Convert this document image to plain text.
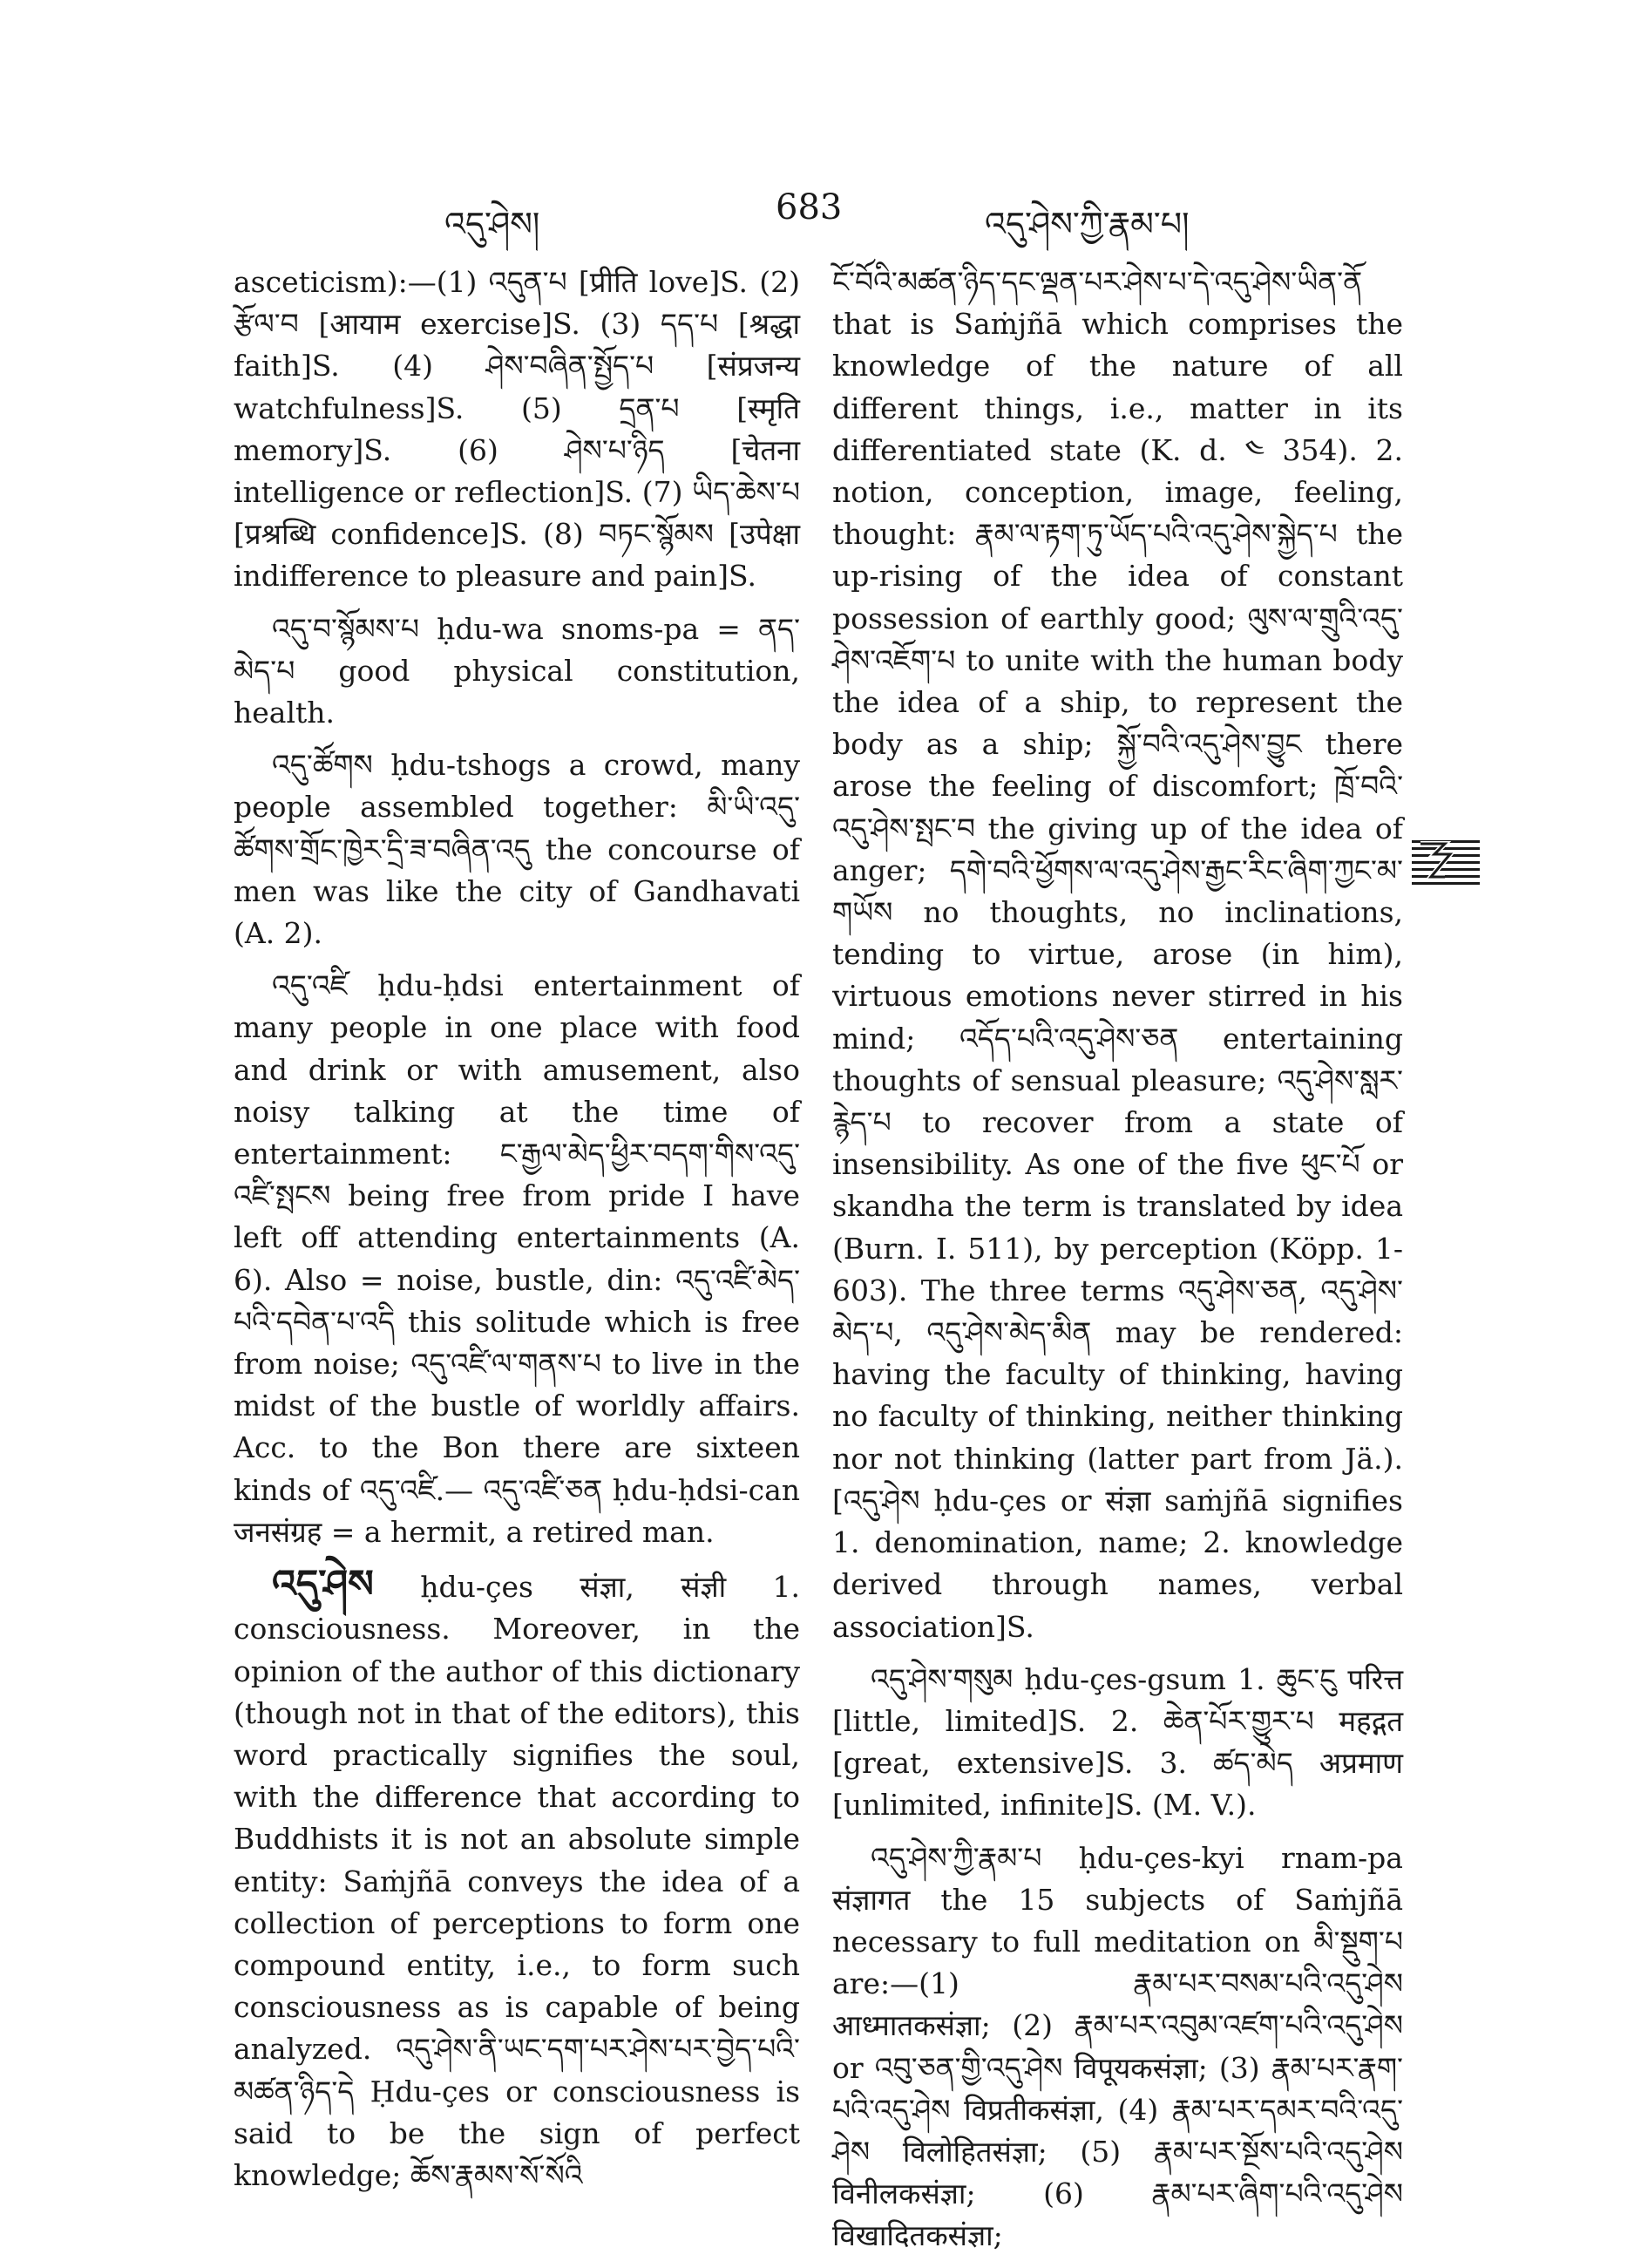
འདུ་ཤེས།	683	འདུ་ཤེས་ཀྱི་རྣམ་པ།

asceticism):—(1) འདུན་པ [प्रीति love]S. (2) རྩོལ་བ [आयाम exercise]S. (3) དད་པ [श्रद्धा faith]S. (4) ཤེས་བཞིན་སྤྱོད་པ [संप्रजन्य watchfulness]S. (5) དྲན་པ [स्मृति memory]S. (6) ཤེས་པ་ཉིད [चेतना intelligence or reflection]S. (7) ཡིད་ཆེས་པ [प्रश्रब्धि confidence]S. (8) བཏང་སྙོམས [उपेक्षा indifference to pleasure and pain]S.

འདུ་བ་སྙོམས་པ ḥdu-wa snoms-pa = ནད་མེད་པ good physical constitution, health.

འདུ་ཚོགས ḥdu-tshogs a crowd, many people assembled together: མི་ཡི་འདུ་ཚོགས་གྲོང་ཁྱེར་དྲི་ཟ་བཞིན་འདུ the concourse of men was like the city of Gandhavati (A. 2).

འདུ་འཛི ḥdu-ḥdsi entertainment of many people in one place with food and drink or with amusement, also noisy talking at the time of entertainment: ང་རྒྱལ་མེད་ཕྱིར་བདག་གིས་འདུ་འཛི་སྤངས being free from pride I have left off attending entertainments (A. 6). Also = noise, bustle, din: འདུ་འཛི་མེད་པའི་དབེན་པ་འདི this solitude which is free from noise; འདུ་འཛི་ལ་གནས་པ to live in the midst of the bustle of worldly affairs. Acc. to the Bon there are sixteen kinds of འདུ་འཛི.— འདུ་འཛི་ཅན ḥdu-ḥdsi-can जनसंग्रह = a hermit, a retired man.

འདུ་ཤེས ḥdu-çes संज्ञा, संज्ञी 1. consciousness. Moreover, in the opinion of the author of this dictionary (though not in that of the editors), this word practically signifies the soul, with the difference that according to Buddhists it is not an absolute simple entity: Saṁjñā conveys the idea of a collection of perceptions to form one compound entity, i.e., to form such consciousness as is capable of being analyzed. འདུ་ཤེས་ནི་ཡང་དག་པར་ཤེས་པར་བྱེད་པའི་མཚན་ཉིད་དེ Ḥdu-çes or consciousness is said to be the sign of perfect knowledge; ཆོས་རྣམས་སོ་སོའི

ངོ་བོའི་མཚན་ཉིད་དང་ལྡན་པར་ཤེས་པ་དེ་འདུ་ཤེས་ཡིན་ནོ that is Saṁjñā which comprises the knowledge of the nature of all different things, i.e., matter in its differentiated state (K. d. ༤ 354). 2. notion, conception, image, feeling, thought: རྣམ་ལ་རྟག་ཏུ་ཡོད་པའི་འདུ་ཤེས་སྐྱེད་པ the up-rising of the idea of constant possession of earthly good; ལུས་ལ་གྲུའི་འདུ་ཤེས་འཇོག་པ to unite with the human body the idea of a ship, to represent the body as a ship; སྐྱོ་བའི་འདུ་ཤེས་བྱུང there arose the feeling of discomfort; ཁྲོ་བའི་འདུ་ཤེས་སྤང་བ the giving up of the idea of anger; དགེ་བའི་ཕྱོགས་ལ་འདུ་ཤེས་རྒྱང་རིང་ཞིག་ཀྱང་མ་གཡོས no thoughts, no inclinations, tending to virtue, arose (in him), virtuous emotions never stirred in his mind; འདོད་པའི་འདུ་ཤེས་ཅན entertaining thoughts of sensual pleasure; འདུ་ཤེས་སླར་རྙེད་པ to recover from a state of insensibility. As one of the five ཕུང་པོ or skandha the term is translated by idea (Burn. I. 511), by perception (Köpp. 1-603). The three terms འདུ་ཤེས་ཅན, འདུ་ཤེས་མེད་པ, འདུ་ཤེས་མེད་མིན may be rendered: having the faculty of thinking, having no faculty of thinking, neither thinking nor not thinking (latter part from Jä.). [འདུ་ཤེས ḥdu-çes or संज्ञा saṁjñā signifies 1. denomination, name; 2. knowledge derived through names, verbal association]S.

འདུ་ཤེས་གསུམ ḥdu-çes-gsum 1. ཆུང་ངུ परित्त [little, limited]S. 2. ཆེན་པོར་གྱུར་པ महद्गत [great, extensive]S. 3. ཚད་མེད अप्रमाण [unlimited, infinite]S. (M. V.).

འདུ་ཤེས་ཀྱི་རྣམ་པ ḥdu-çes-kyi rnam-pa संज्ञागत the 15 subjects of Saṁjñā necessary to full meditation on མི་སྡུག་པ are:—(1) རྣམ་པར་བསམ་པའི་འདུ་ཤེས आध्मातकसंज्ञा; (2) རྣམ་པར་འབུམ་འཛག་པའི་འདུ་ཤེས or འབུ་ཅན་གྱི་འདུ་ཤེས विपूयकसंज्ञा; (3) རྣམ་པར་རྣག་པའི་འདུ་ཤེས विप्रतीकसंज्ञा, (4) རྣམ་པར་དམར་བའི་འདུ་ཤེས विलोहितसंज्ञा; (5) རྣམ་པར་སྔོས་པའི་འདུ་ཤེས विनीलकसंज्ञा; (6) རྣམ་པར་ཞིག་པའི་འདུ་ཤེས विखादितकसंज्ञा;
